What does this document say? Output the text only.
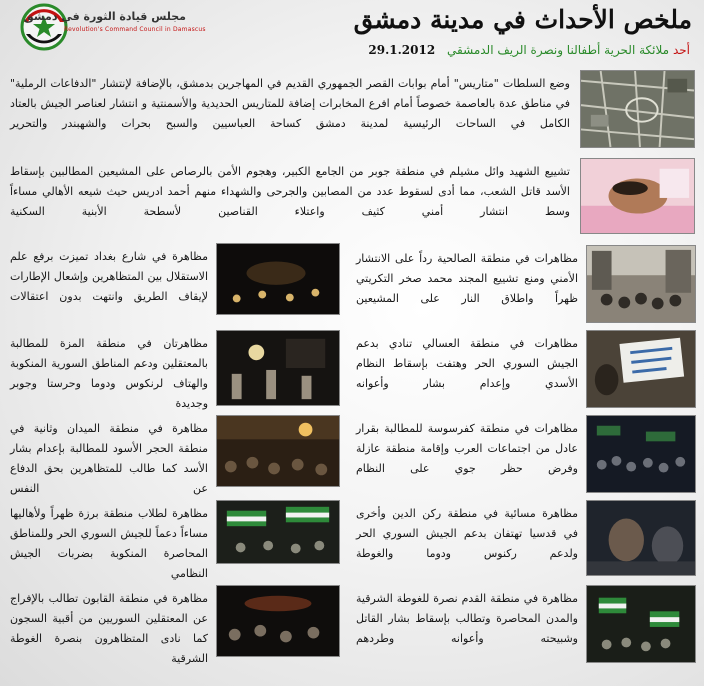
ملخص الأحداث في مدينة دمشق
أحد ملائكة الحرية أطفالنا ونصرة الريف الدمشقي 29.1.2012
مجلس قيادة الثورة في دمشق
Revolution's Command Council in Damascus
وضع السلطات "متاريس" أمام بوابات القصر الجمهوري القديم في المهاجرين بدمشق، بالإضافة لإنتشار "الدفاعات الرملية" في مناطق عدة بالعاصمة خصوصاً أمام افرع المخابرات إضافة للمتاريس الحديدية والأسمنتية و انتشار لعناصر الجيش بالعتاد الكامل في الساحات الرئيسية لمدينة دمشق كساحة العباسيين والسبح بحرات والشهبندر والتحرير
تشييع الشهيد وائل مشيلم في منطقة جوبر من الجامع الكبير، وهجوم الأمن بالرصاص على المشيعين المطالبين بإسقاط الأسد قاتل الشعب، مما أدى لسقوط عدد من المصابين والجرحى والشهداء منهم أحمد ادريس حيث شيعه الأهالي مساءاً وسط انتشار أمني كثيف واعتلاء القناصين لأسطحة الأبنية السكنية
مظاهرات في منطقة الصالحية رداً على الانتشار الأمني ومنع تشييع المجند محمد صخر التكريتي ظهراً واطلاق النار على المشيعين
مظاهرات في منطقة العسالي تنادي بدعم الجيش السوري الحر وهتفت بإسقاط النظام الأسدي وإعدام بشار وأعوانه
مظاهرات في منطقة كفرسوسة للمطالبة بقرار عادل من اجتماعات العرب وإقامة منطقة عازلة وفرض حظر جوي على النظام
مظاهرة مسائية في منطقة ركن الدين وأخرى في قدسيا تهتفان بدعم الجيش السوري الحر ولدعم ركنوس ودوما والغوطة
مظاهرة في منطقة القدم نصرة للغوطة الشرقية والمدن المحاصرة وتطالب بإسقاط بشار القاتل وشبيحته وأعوانه وطردهم
مظاهرة في شارع بغداد تميزت برفع علم الاستقلال بين المتظاهرين وإشعال الإطارات لإيقاف الطريق وانتهت بدون اعتقالات
مظاهرتان في منطقة المزة للمطالبة بالمعتقلين ودعم المناطق السورية المنكوبة والهتاف لرنكوس ودوما وحرستا وجوبر وجديدة
مظاهرة في منطقة الميدان وثانية في منطقة الحجر الأسود للمطالبة بإعدام بشار الأسد كما طالب للمتظاهرين بحق الدفاع عن النفس
مظاهرة لطلاب منطقة برزة ظهراً ولأهاليها مساءاً دعماً للجيش السوري الحر وللمناطق المحاصرة المنكوبة بضربات الجيش النظامي
مظاهرة في منطقة القابون تطالب بالإفراج عن المعتقلين السوريين من أقبية السجون كما نادى المتظاهرون بنصرة الغوطة الشرقية
